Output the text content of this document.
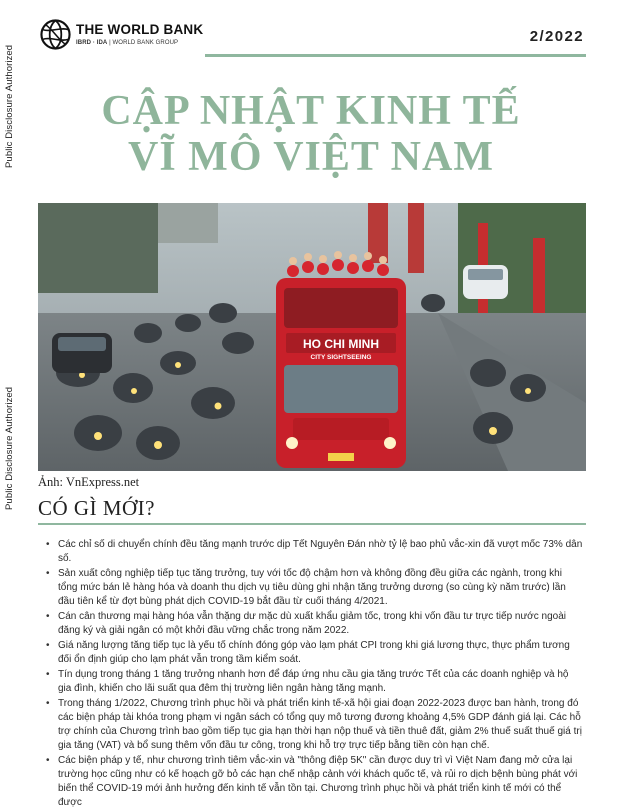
Public Disclosure Authorized
Public Disclosure Authorized
THE WORLD BANK
IBRD · IDA | WORLD BANK GROUP	2/2022
CẬP NHẬT KINH TẾ
VĨ MÔ VIỆT NAM
HO CHI MINH
CITY SIGHTSEEING
Ảnh: VnExpress.net
CÓ GÌ MỚI?
• Các chỉ số di chuyển chính đều tăng mạnh trước dịp Tết Nguyên Đán nhờ tỷ lệ bao phủ vắc-xin đã vượt mốc 73% dân số.
• Sản xuất công nghiệp tiếp tục tăng trưởng, tuy với tốc độ chậm hơn và không đồng đều giữa các ngành, trong khi tổng mức bán lẻ hàng hóa và doanh thu dịch vụ tiêu dùng ghi nhận tăng trưởng dương (so cùng kỳ năm trước) lần đầu tiên kể từ đợt bùng phát dịch COVID-19 bắt đầu từ cuối tháng 4/2021.
• Cán cân thương mại hàng hóa vẫn thặng dư mặc dù xuất khẩu giảm tốc, trong khi vốn đầu tư trực tiếp nước ngoài đăng ký và giải ngân có một khởi đầu vững chắc trong năm 2022.
• Giá năng lượng tăng tiếp tục là yếu tố chính đóng góp vào lạm phát CPI trong khi giá lương thực, thực phẩm tương đối ổn định giúp cho lạm phát vẫn trong tầm kiểm soát.
• Tín dụng trong tháng 1 tăng trưởng nhanh hơn để đáp ứng nhu cầu gia tăng trước Tết của các doanh nghiệp và hộ gia đình, khiến cho lãi suất qua đêm thị trường liên ngân hàng tăng mạnh.
• Trong tháng 1/2022, Chương trình phục hồi và phát triển kinh tế-xã hội giai đoạn 2022-2023 được ban hành, trong đó các biện pháp tài khóa trong phạm vi ngân sách có tổng quy mô tương đương khoảng 4,5% GDP đánh giá lại. Các hỗ trợ chính của Chương trình bao gồm tiếp tục gia hạn thời hạn nộp thuế và tiền thuê đất, giảm 2% thuế suất thuế giá trị gia tăng (VAT) và bổ sung thêm vốn đầu tư công, trong khi hỗ trợ trực tiếp bằng tiền còn hạn chế.
• Các biện pháp y tế, như chương trình tiêm vắc-xin và "thông điệp 5K" cần được duy trì vì Việt Nam đang mở cửa lại trường học cũng như có kế hoạch gỡ bỏ các hạn chế nhập cảnh với khách quốc tế, và rủi ro dịch bệnh bùng phát với biến thể COVID-19 mới ảnh hưởng đến kinh tế vẫn tồn tại. Chương trình phục hồi và phát triển kinh tế mới có thể được
